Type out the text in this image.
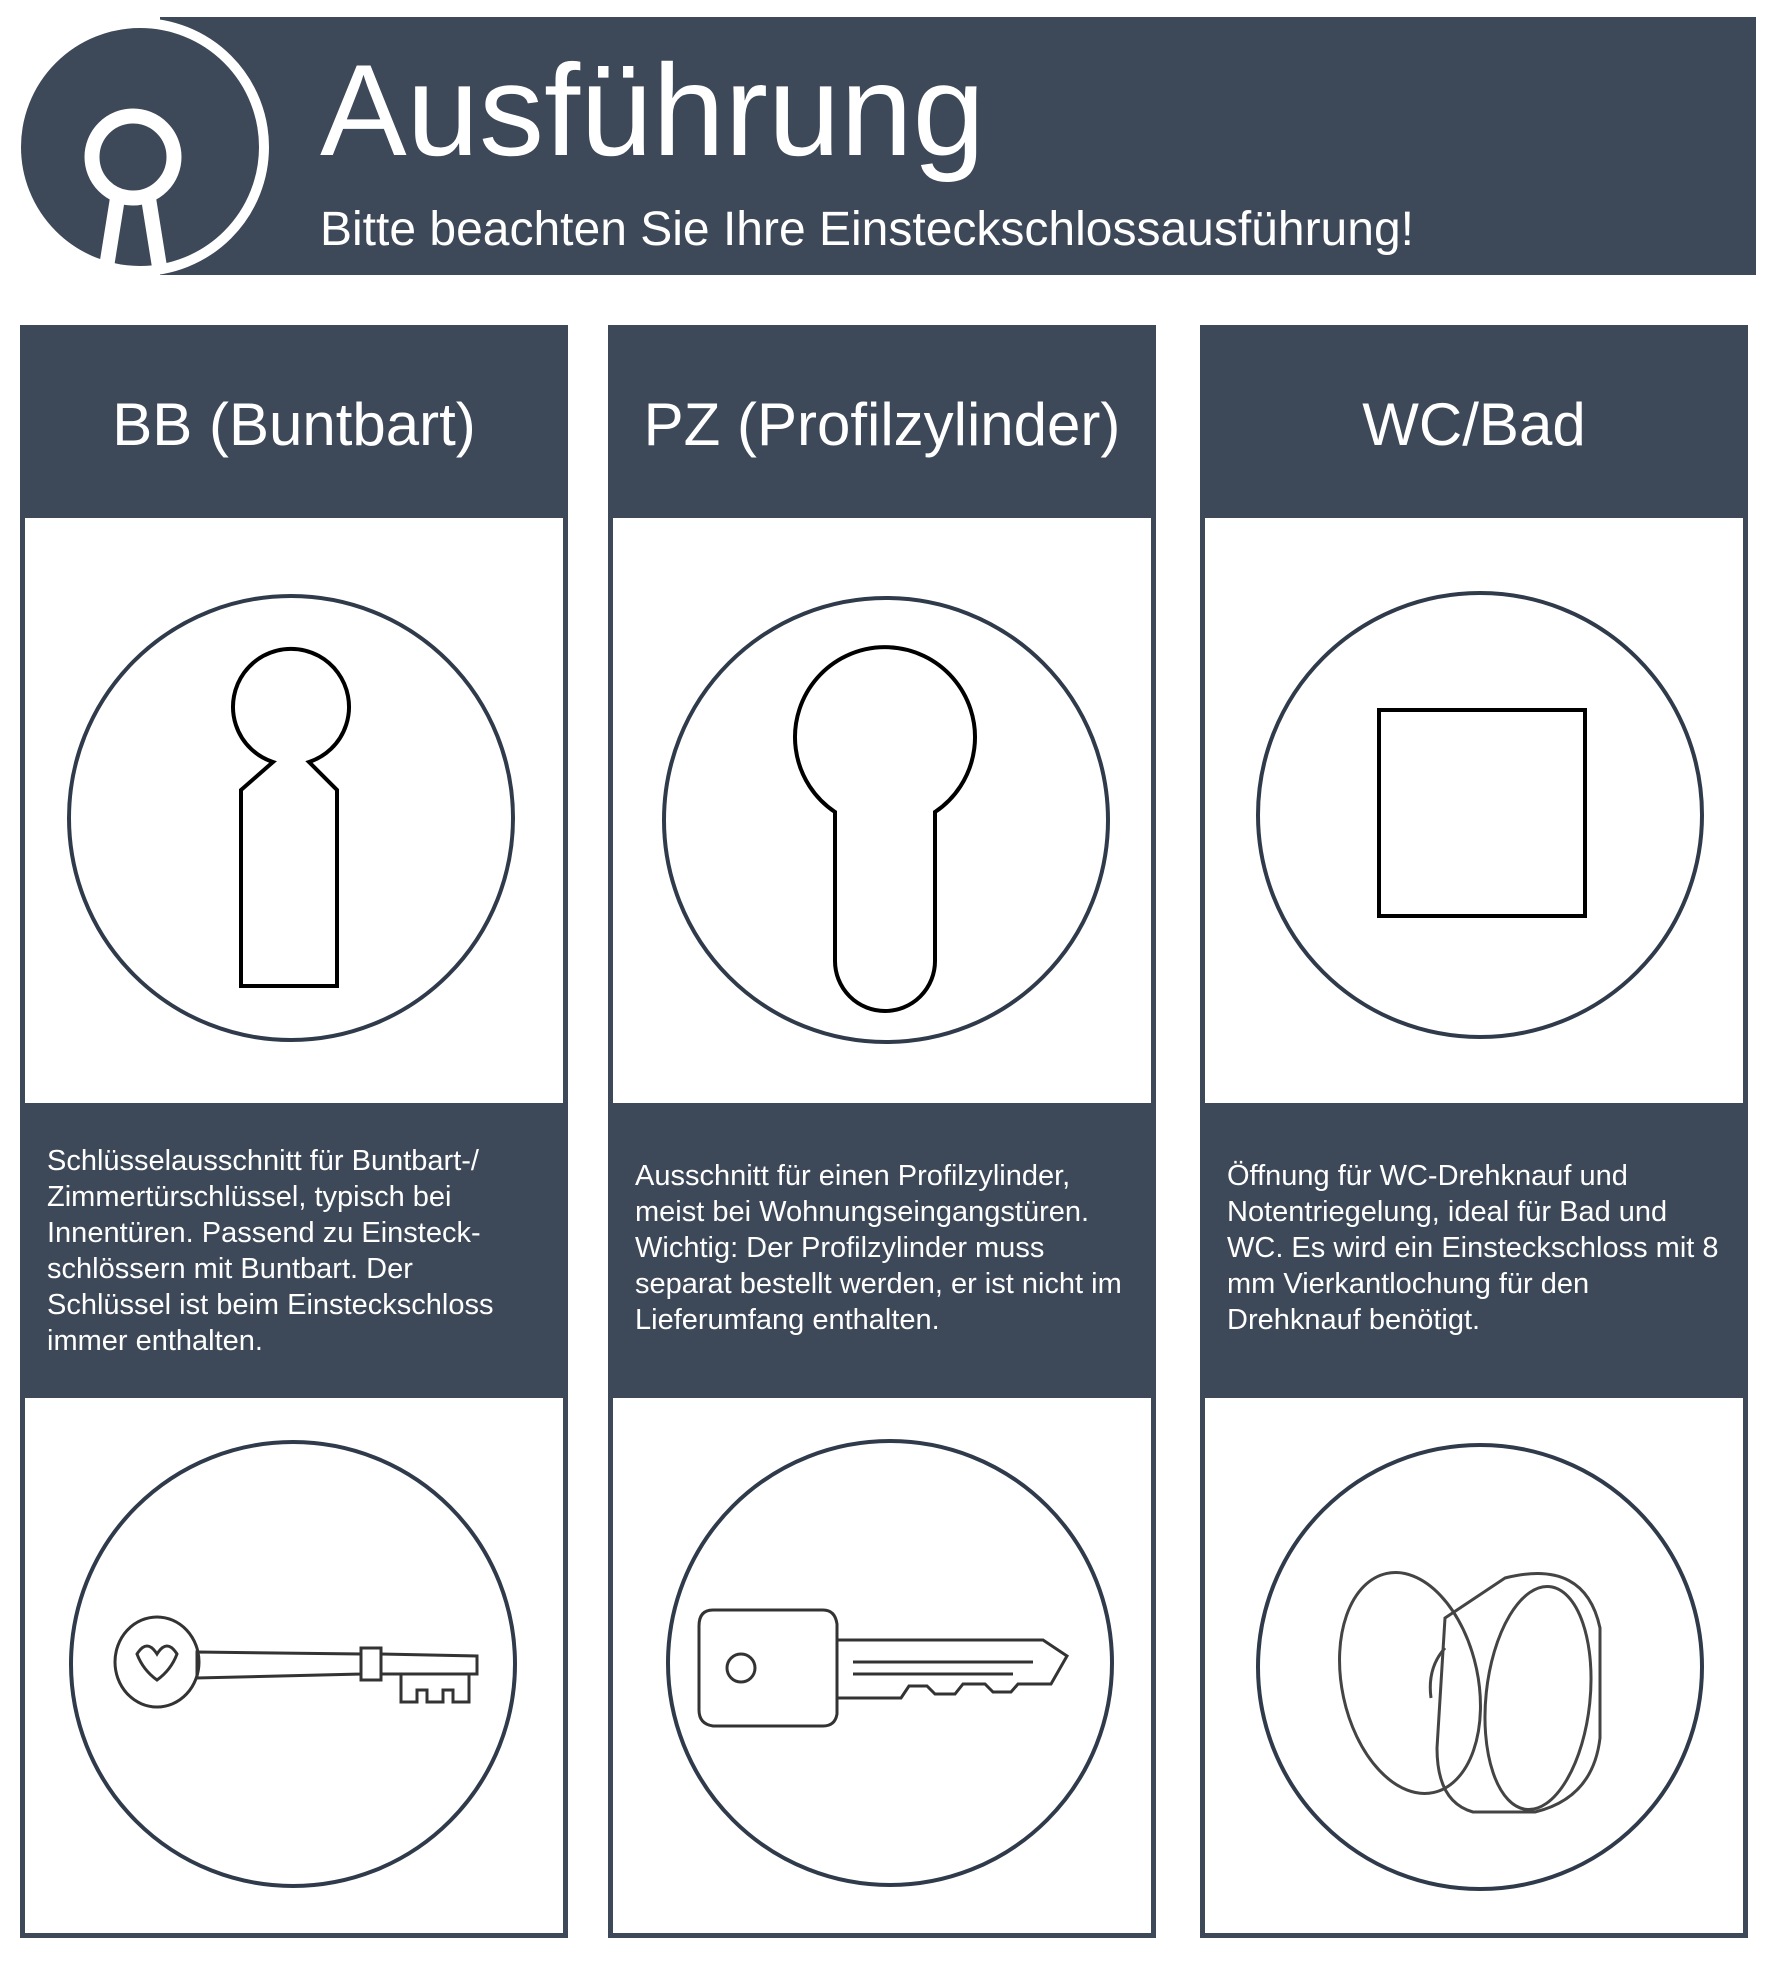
Ausführung
Bitte beachten Sie Ihre Einsteckschlossausführung!
BB (Buntbart)

Schlüsselausschnitt für Buntbart-/ Zimmertürschlüssel, typisch bei Innentüren. Passend zu Einsteck-schlössern mit Buntbart. Der Schlüssel ist beim Einsteckschloss immer enthalten.

PZ (Profilzylinder)

Ausschnitt für einen Profilzylinder, meist bei Wohnungseingangstüren. Wichtig: Der Profilzylinder muss separat bestellt werden, er ist nicht im Lieferumfang enthalten.

WC/Bad

Öffnung für WC-Drehknauf und Notentriegelung, ideal für Bad und WC. Es wird ein Einsteckschloss mit 8 mm Vierkantlochung für den Drehknauf benötigt.
